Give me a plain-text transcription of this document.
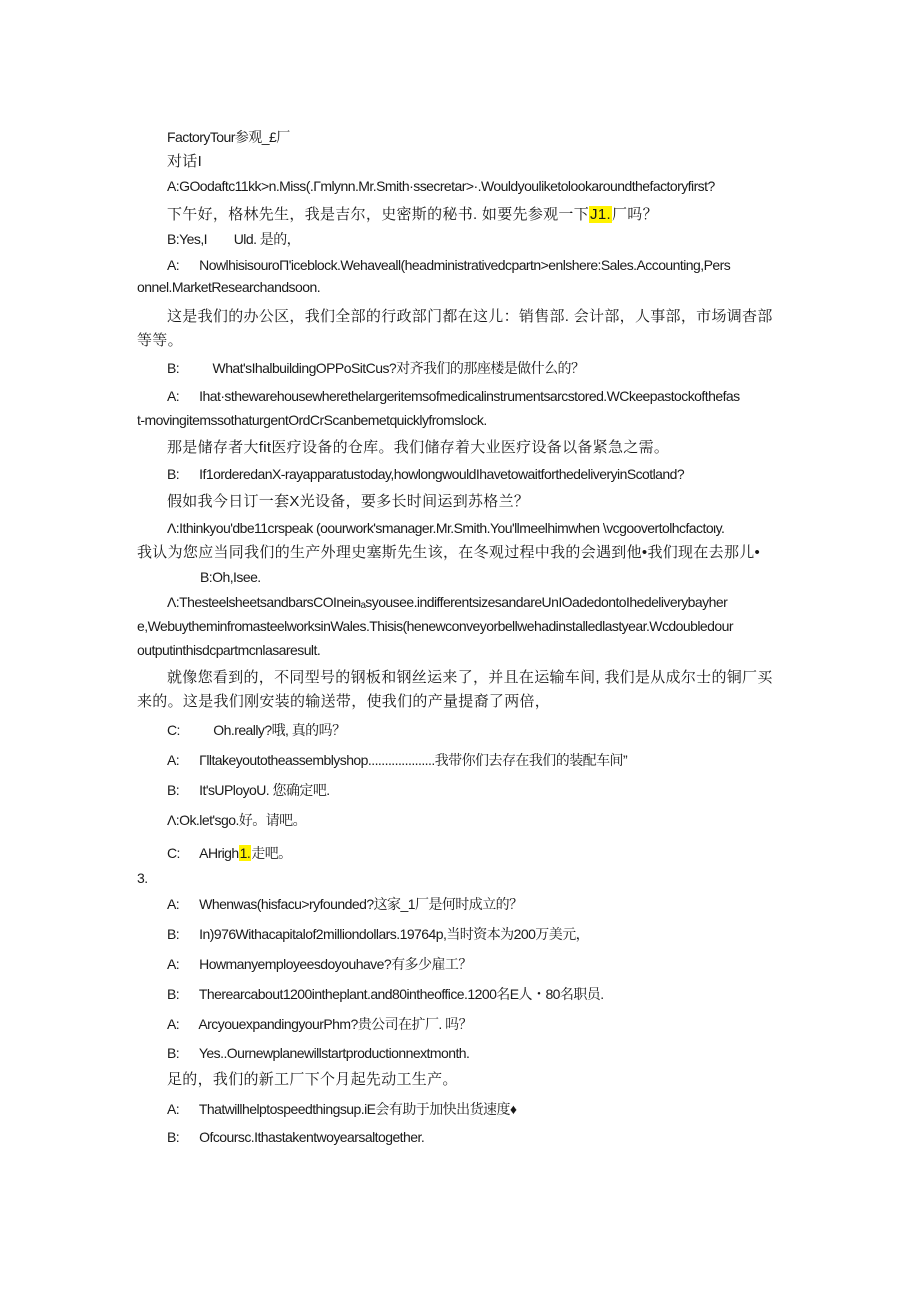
FactoryTour参观_£厂
对话I
A:GOodaftc11kk>n.Miss(.Γmlynn.Mr.Smith·ssecretar>·.Wouldyouliketolookaroundthefactoryfirst?
下午好，格林先生，我是吉尔，史密斯的秘书. 如要先参观一下J1.厂吗？
B:Yes,I        Uld. 是的，
A:      NowlhisisouroΠ'iceblock.Wehaveall(headministrativedcpartn>enlshere:Sales.Accounting,Pers
onnel.MarketResearchandsoon.
这是我们的办公区，我们全部的行政部门都在这儿：销售部. 会计部，人事部，市场调杳部
等等。
B:          What'sIhalbuildingOPPoSitCus?对齐我们的那座楼是做什么的？
A:      Ihat·sthewarehousewherethelargeritemsofmedicalinstrumentsarcstored.WCkeepastockofthefas
t-movingitemssothaturgentOrdCrScanbemetquicklyfromslock.
那是储存者大fit医疗设备的仓库。我们储存着大业医疗设备以备紧急之需。
B:      If1orderedanX-rayapparatustoday,howlongwouldIhavetowaitforthedeliveryinScotland?
假如我今日订一套X光设备，要多长时间运到苏格兰？
Λ:Ithinkyou'dbe11crspeak (oourwork'smanager.Mr.Smith.You'llmeelhimwhen \vcgoovertolhcfactoιy.
我认为您应当同我们的生产外理史塞斯先生该，在冬观过程中我的会遇到他•我们现在去那儿•
B:Oh,Isee.
Λ:ThesteelsheetsandbarsCOIneinₐsyousee.indifferentsizesandareUnIOadedontoIhedeliverybayher
e,WebuytheminfromasteelworksinWales.Thisis(henewconveyorbellwehadinstalledlastyear.Wcdoubledour
outputinthisdcpartmcnlasaresult.
就像您看到的，不同型号的钢板和钢丝运来了，并且在运输车间, 我们是从成尔士的铜厂买
来的。这是我们刚安装的输送带，使我们的产量提裔了两倍，
C:          Oh.really?哦, 真的吗？
A:      Γlltakeyoutotheassemblyshop....................我带你们去存在我们的装配车间”
B:      It'sUPloyoU. 您确定吧.
Λ:Ok.let'sgo.好。请吧。
C:      AHrigh1.走吧。
3.
A:      Whenwas(hisfacu>ryfounded?这家_1厂是何时成立的？
B:      In)976Withacapitalof2milliondollars.19764p,当时资本为200万美元，
A:      Howmanyemployeesdoyouhave?有多少雇工？
B:      Therearcabout1200intheplant.and80intheoffice.1200名E人・80名职员.
A:      ArcyouexpandingyourPhm?贵公司在扩厂. 吗？
B:      Yes..Ournewplanewillstartproductionnextmonth.
足的，我们的新工厂下个月起先动工生产。
A:      Thatwillhelptospeedthingsup.iE会有助于加快出货速度♦
B:      Ofcoursc.Ithastakentwoyearsaltogether.
